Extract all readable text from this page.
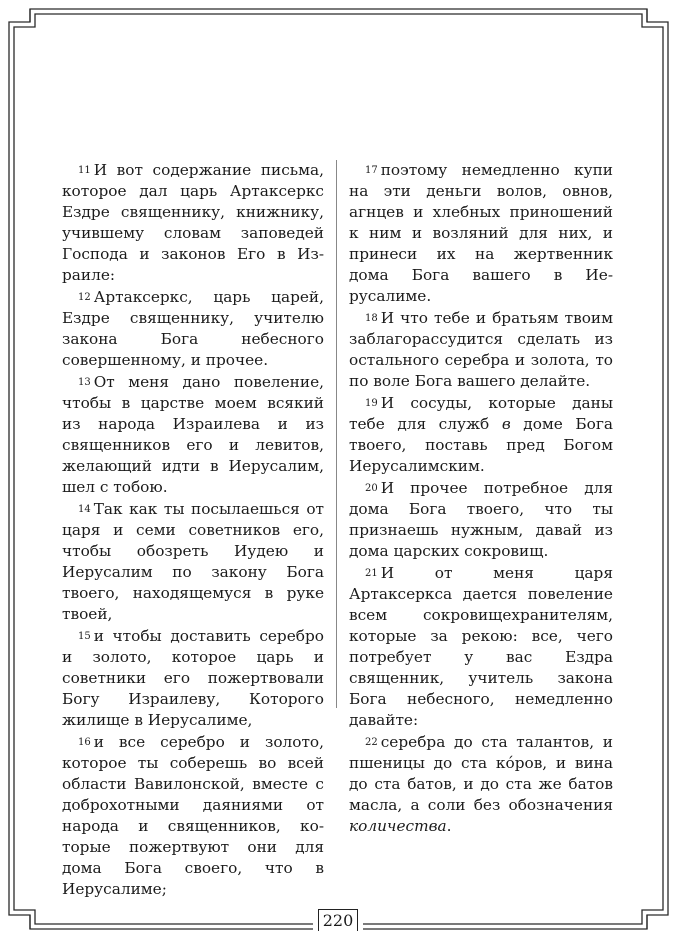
220

11 И вот содержание письма, которое дал царь Артаксеркс Ездре священнику, книжнику, учившему словам заповедей Господа и законов Его в Израиле:

12 Артаксеркс, царь царей, Ездре священнику, учителю закона Бога небесного совершенному, и прочее.

13 От меня дано повеление, чтобы в царстве моем всякий из народа Израилева и из священников его и левитов, желающий идти в Иерусалим, шел с тобою.

14 Так как ты посылаешься от царя и семи советников его, чтобы обозреть Иудею и Иерусалим по закону Бога твоего, находящемуся в руке твоей,

15 и чтобы доставить серебро и золото, которое царь и советники его пожертвовали Богу Израилеву, Которого жилище в Иерусалиме,

16 и все серебро и золото, которое ты соберешь во всей области Вавилонской, вместе с доброхотными даяниями от народа и священников, которые пожертвуют они для дома Бога своего, что в Иерусалиме;

17 поэтому немедленно купи на эти деньги волов, овнов, агнцев и хлебных приношений к ним и возляний для них, и принеси их на жертвенник дома Бога вашего в Иерусалиме.

18 И что тебе и братьям твоим заблагорассудится сделать из остального серебра и золота, то по воле Бога вашего делайте.

19 И сосуды, которые даны тебе для служб в доме Бога твоего, поставь пред Богом Иерусалимским.

20 И прочее потребное для дома Бога твоего, что ты признаешь нужным, давай из дома царских сокровищ.

21 И от меня царя Артаксеркса дается повеление всем сокровищехранителям, которые за рекою: все, чего потребует у вас Ездра священник, учитель закона Бога небесного, немедленно давайте:

22 серебра до ста талантов, и пшеницы до ста кóров, и вина до ста батов, и до ста же батов масла, а соли без обозначения количества.
